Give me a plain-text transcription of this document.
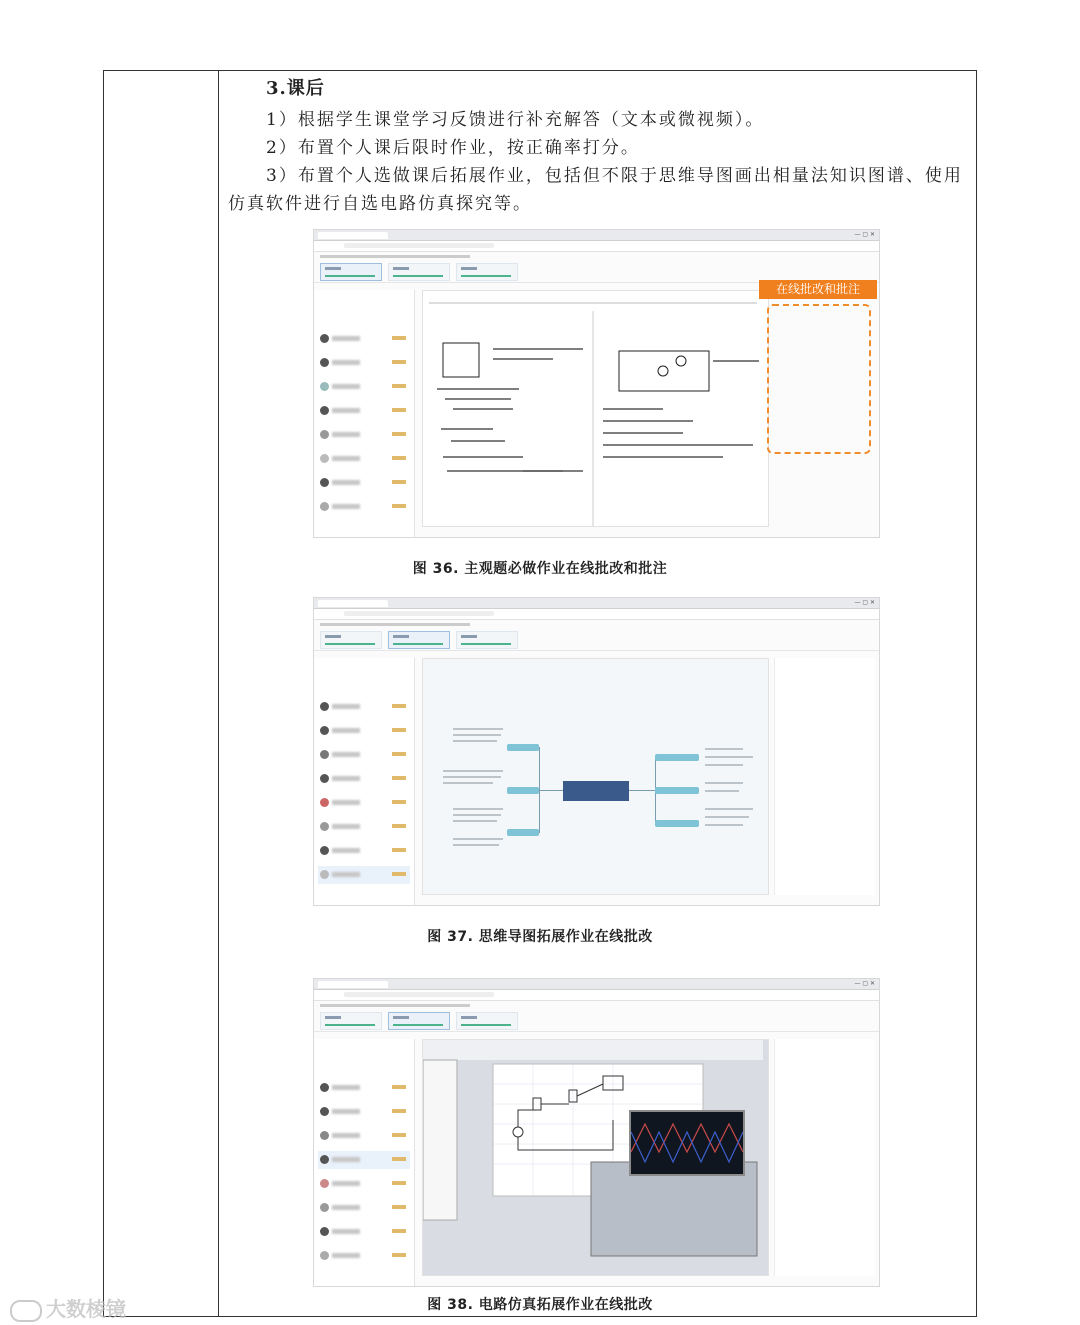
3.课后

1）根据学生课堂学习反馈进行补充解答（文本或微视频）。

2）布置个人课后限时作业，按正确率打分。

3）布置个人选做课后拓展作业，包括但不限于思维导图画出相量法知识图谱、使用仿真软件进行自选电路仿真探究等。

— ▢ ✕
在线批改和批注
图 36. 主观题必做作业在线批改和批注
— ▢ ✕
图 37. 思维导图拓展作业在线批改
— ▢ ✕
图 38. 电路仿真拓展作业在线批改
大数棱镜
